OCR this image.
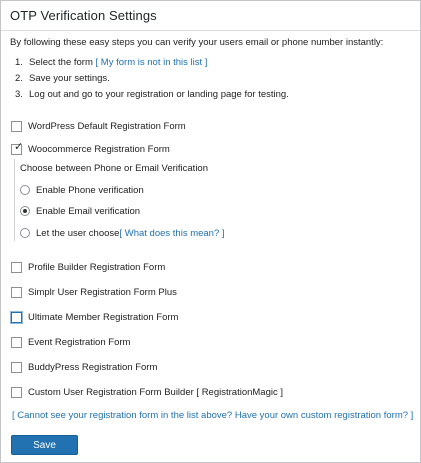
OTP Verification Settings
By following these easy steps you can verify your users email or phone number instantly:
1. Select the form [ My form is not in this list ]
2. Save your settings.
3. Log out and go to your registration or landing page for testing.
WordPress Default Registration Form
✓ Woocommerce Registration Form
Choose between Phone or Email Verification
Enable Phone verification
Enable Email verification
Let the user choose [ What does this mean? ]
Profile Builder Registration Form
Simplr User Registration Form Plus
Ultimate Member Registration Form
Event Registration Form
BuddyPress Registration Form
Custom User Registration Form Builder [ RegistrationMagic ]
[ Cannot see your registration form in the list above? Have your own custom registration form? ]
Save
